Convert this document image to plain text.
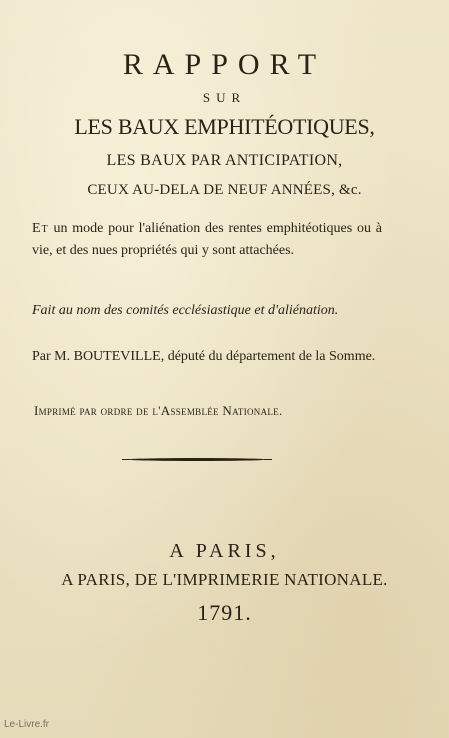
RAPPORT
SUR
LES BAUX EMPHITÉOTIQUES,
LES BAUX PAR ANTICIPATION,
CEUX AU-DELA DE NEUF ANNÉES, &c.
Et un mode pour l'aliénation des rentes emphitéotiques ou à vie, et des nues propriétés qui y sont attachées.
Fait au nom des comités ecclésiastique et d'aliénation.
Par M. BOUTEVILLE, député du département de la Somme.
Imprimé par ordre de l'Assemblée Nationale.
A PARIS,
A PARIS, DE L'IMPRIMERIE NATIONALE.
1791.
Le-Livre.fr
